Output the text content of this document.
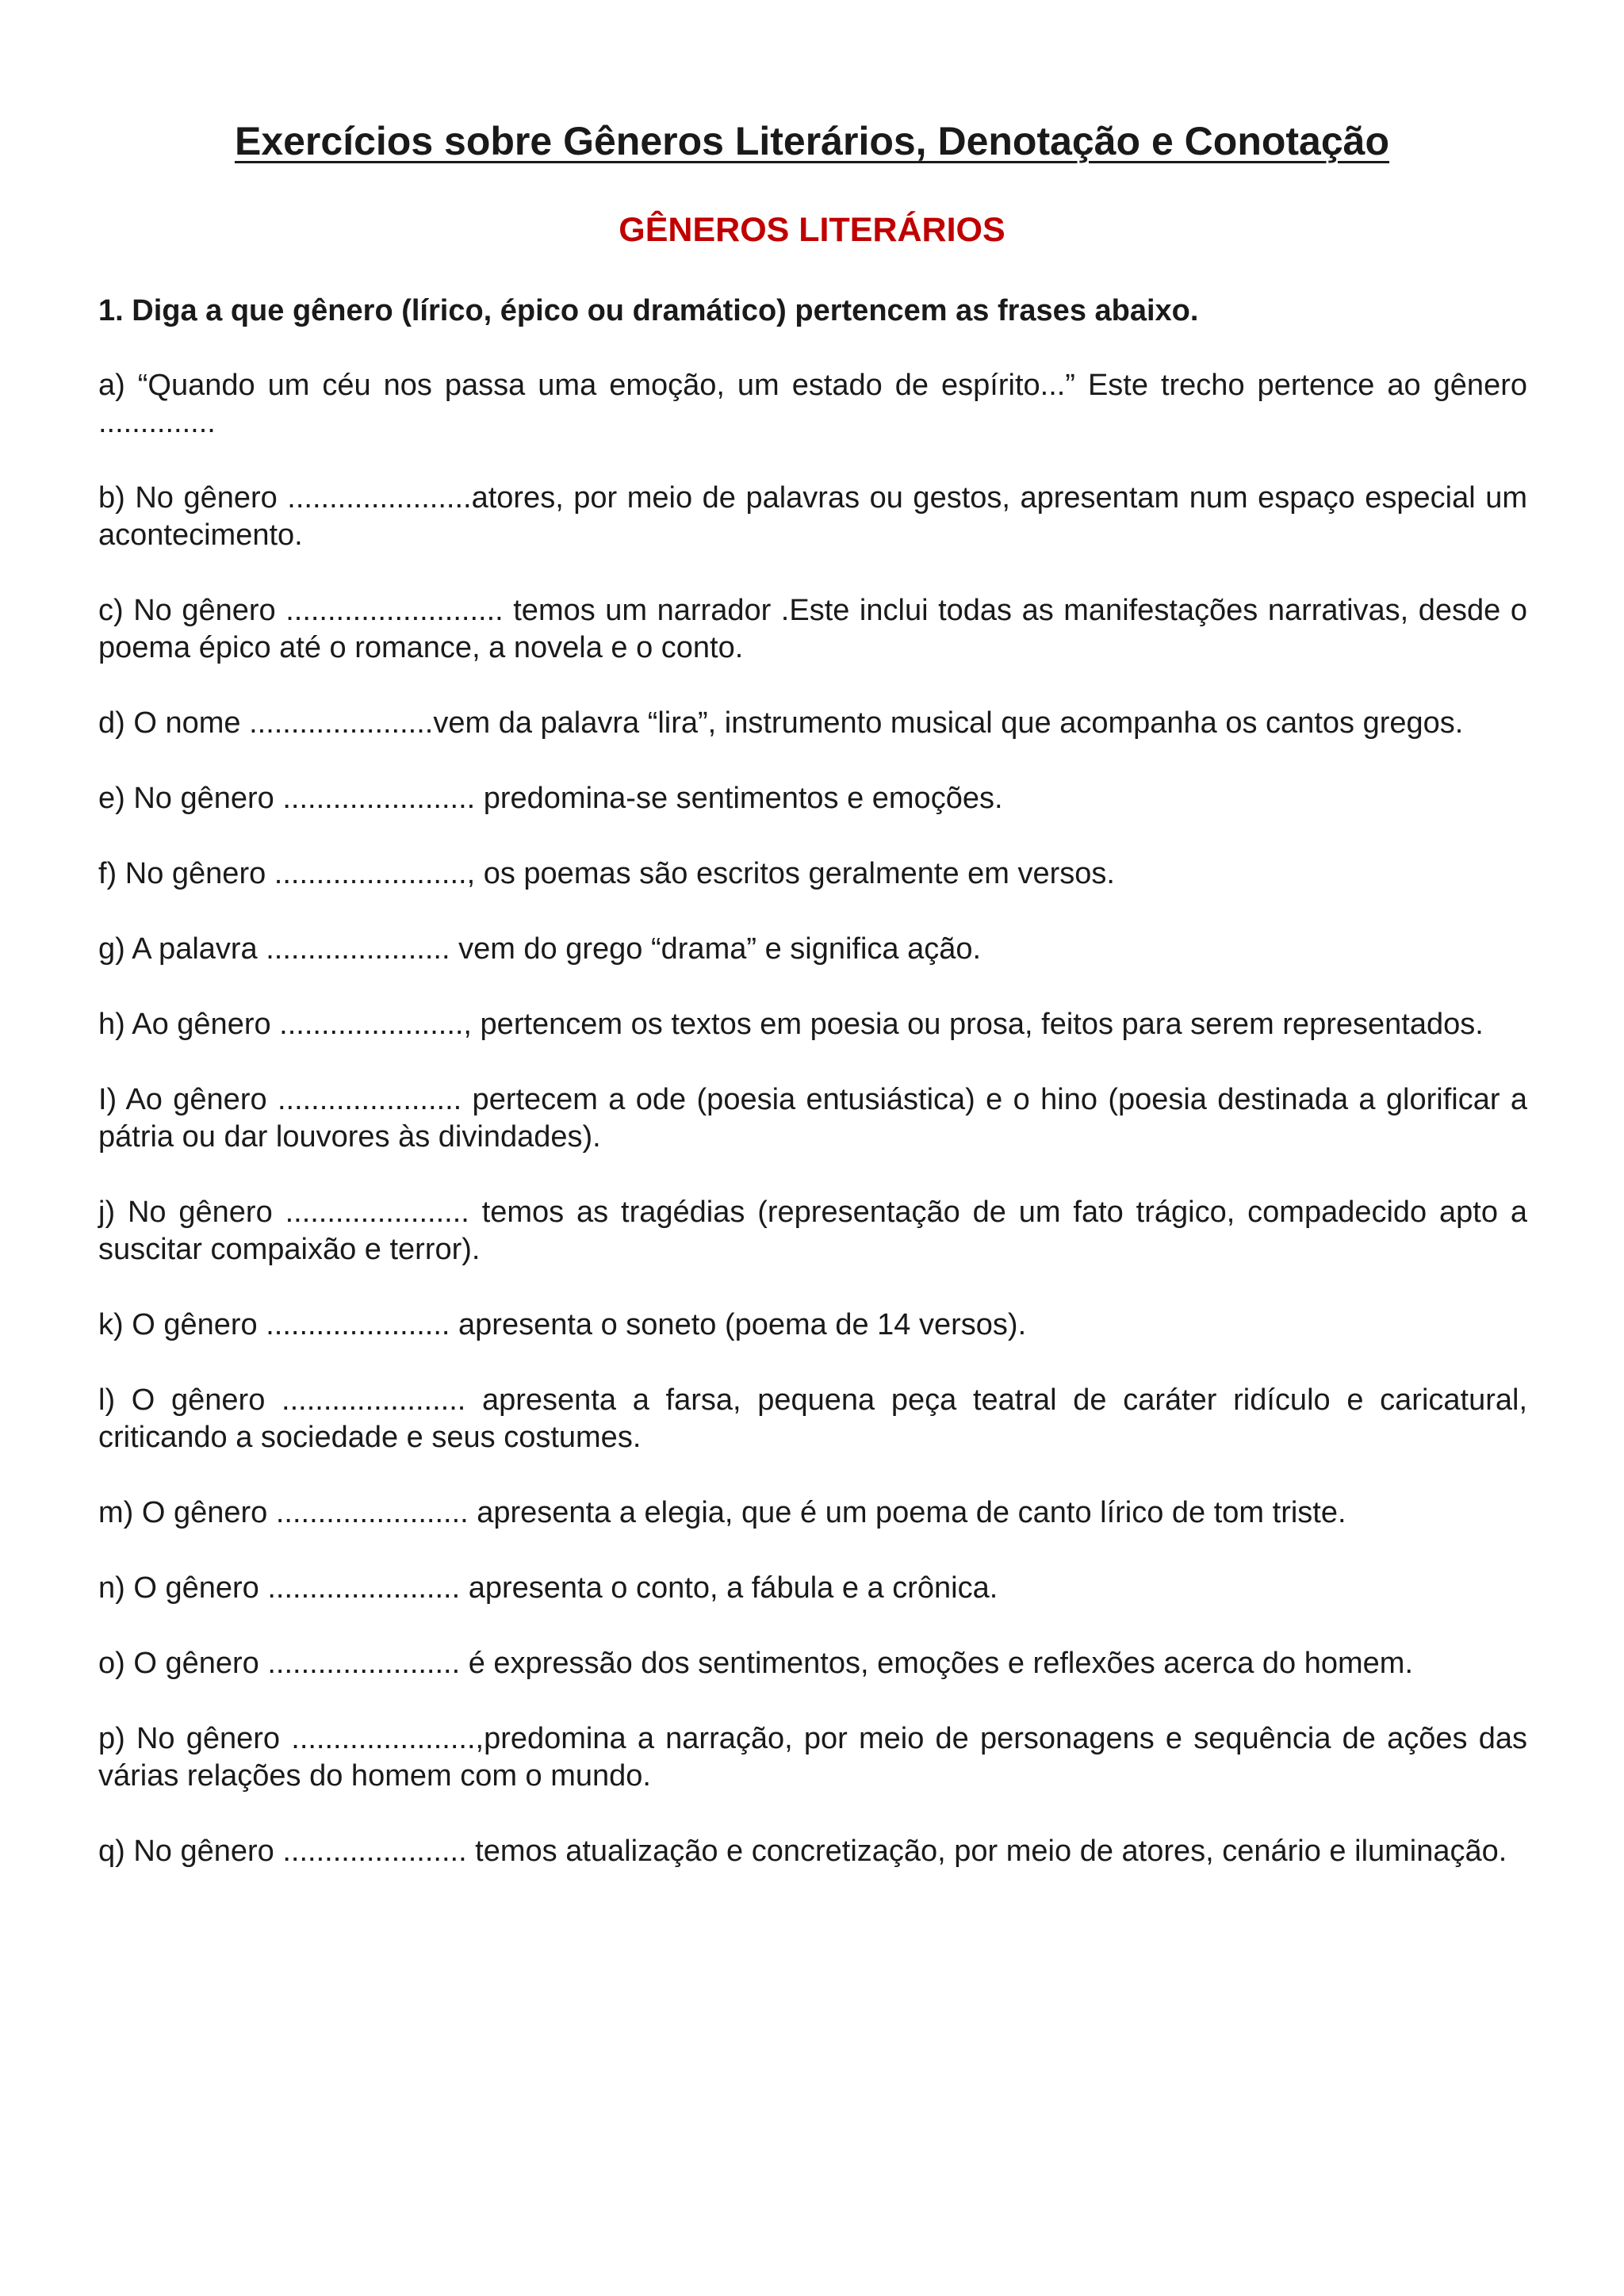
Exercícios sobre Gêneros Literários, Denotação e Conotação
GÊNEROS LITERÁRIOS

1. Diga a que gênero (lírico, épico ou dramático) pertencem as frases abaixo.

a) “Quando um céu nos passa uma emoção, um estado de espírito...” Este trecho pertence ao gênero ..............
b) No gênero ......................atores, por meio de palavras ou gestos, apresentam num espaço especial um acontecimento.
c) No gênero .......................... temos um narrador .Este inclui todas as manifestações narrativas, desde o poema épico até o romance, a novela e o conto.
d) O nome ......................vem da palavra “lira”, instrumento musical que acompanha os cantos gregos.
e) No gênero ....................... predomina-se sentimentos e emoções.
f) No gênero ......................., os poemas são escritos geralmente em versos.
g) A palavra ...................... vem do grego “drama” e significa ação.
h) Ao gênero ......................, pertencem os textos em poesia ou prosa, feitos para serem representados.
I) Ao gênero ...................... pertecem a ode (poesia entusiástica) e o hino (poesia destinada a glorificar a pátria ou dar louvores às divindades).
j) No gênero ...................... temos as tragédias (representação de um fato trágico, compadecido apto a suscitar compaixão e terror).
k) O gênero ...................... apresenta o soneto (poema de 14 versos).
l) O gênero ...................... apresenta a farsa, pequena peça teatral de caráter ridículo e caricatural, criticando a sociedade e seus costumes.
m) O gênero ....................... apresenta a elegia, que é um poema de canto lírico de tom triste.
n) O gênero ....................... apresenta o conto, a fábula e a crônica.
o) O gênero ....................... é expressão dos sentimentos, emoções e reflexões acerca do homem.
p) No gênero ......................,predomina a narração, por meio de personagens e sequência de ações das várias relações do homem com o mundo.
q) No gênero ...................... temos atualização e concretização, por meio de atores, cenário e iluminação.
